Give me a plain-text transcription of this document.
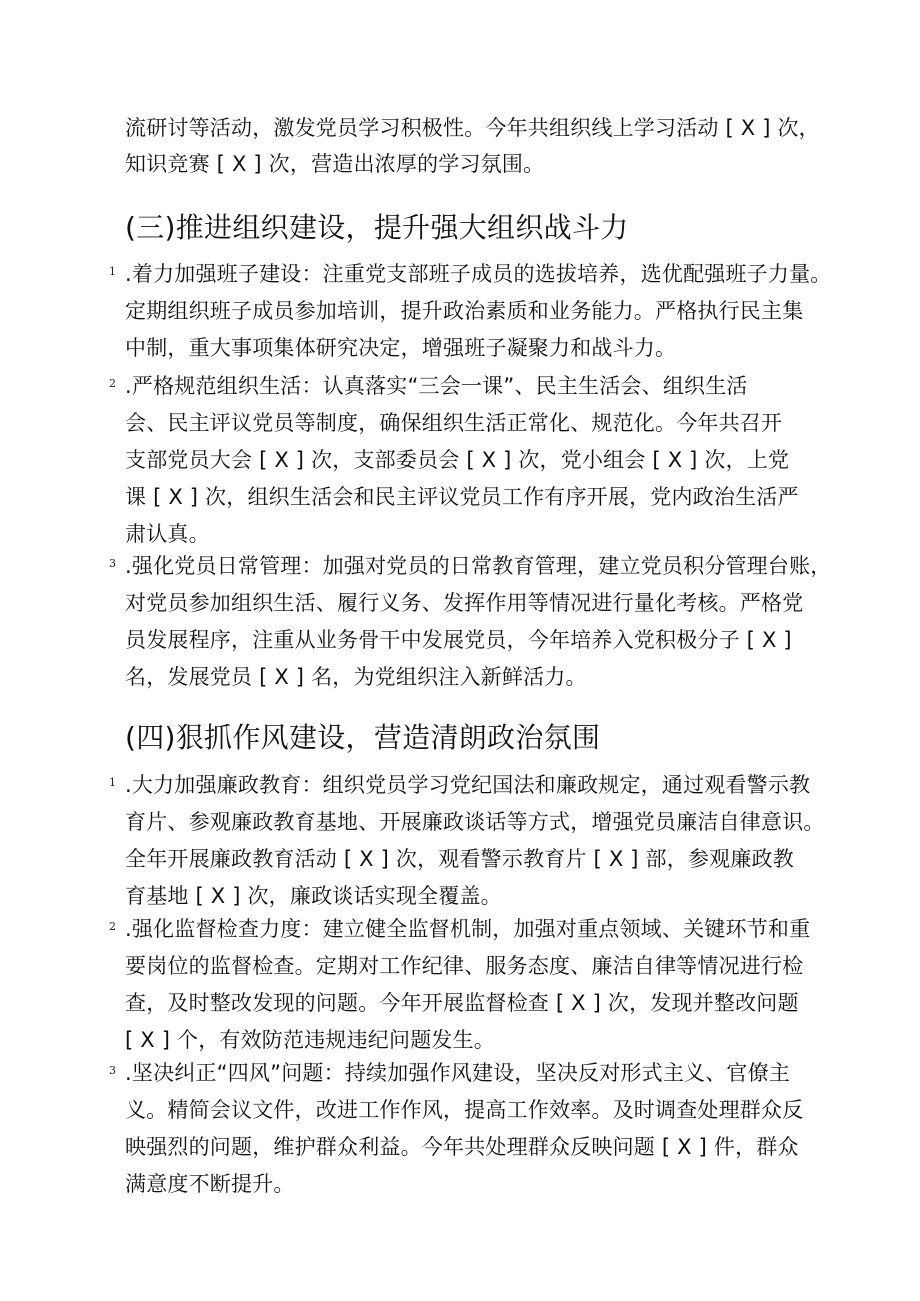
流研讨等活动，激发党员学习积极性。今年共组织线上学习活动 [ X ] 次，
知识竞赛 [ X ] 次，营造出浓厚的学习氛围。
(三)推进组织建设，提升强大组织战斗力
1 .着力加强班子建设：注重党支部班子成员的选拔培养，选优配强班子力量。
定期组织班子成员参加培训，提升政治素质和业务能力。严格执行民主集
中制，重大事项集体研究决定，增强班子凝聚力和战斗力。
2 .严格规范组织生活：认真落实“三会一课”、民主生活会、组织生活
会、民主评议党员等制度，确保组织生活正常化、规范化。今年共召开
支部党员大会 [ X ] 次，支部委员会 [ X ] 次，党小组会 [ X ] 次，上党
课 [ X ] 次，组织生活会和民主评议党员工作有序开展，党内政治生活严
肃认真。
3 .强化党员日常管理：加强对党员的日常教育管理，建立党员积分管理台账，
对党员参加组织生活、履行义务、发挥作用等情况进行量化考核。严格党
员发展程序，注重从业务骨干中发展党员，今年培养入党积极分子 [ X ]
名，发展党员 [ X ] 名，为党组织注入新鲜活力。
(四)狠抓作风建设，营造清朗政治氛围
1 .大力加强廉政教育：组织党员学习党纪国法和廉政规定，通过观看警示教
育片、参观廉政教育基地、开展廉政谈话等方式，增强党员廉洁自律意识。
全年开展廉政教育活动 [ X ] 次，观看警示教育片 [ X ] 部，参观廉政教
育基地 [ X ] 次，廉政谈话实现全覆盖。
2 .强化监督检查力度：建立健全监督机制，加强对重点领域、关键环节和重
要岗位的监督检查。定期对工作纪律、服务态度、廉洁自律等情况进行检
查，及时整改发现的问题。今年开展监督检查 [ X ] 次，发现并整改问题
[ X ] 个，有效防范违规违纪问题发生。
3 .坚决纠正“四风”问题：持续加强作风建设，坚决反对形式主义、官僚主
义。精简会议文件，改进工作作风，提高工作效率。及时调查处理群众反
映强烈的问题，维护群众利益。今年共处理群众反映问题 [ X ] 件，群众
满意度不断提升。
